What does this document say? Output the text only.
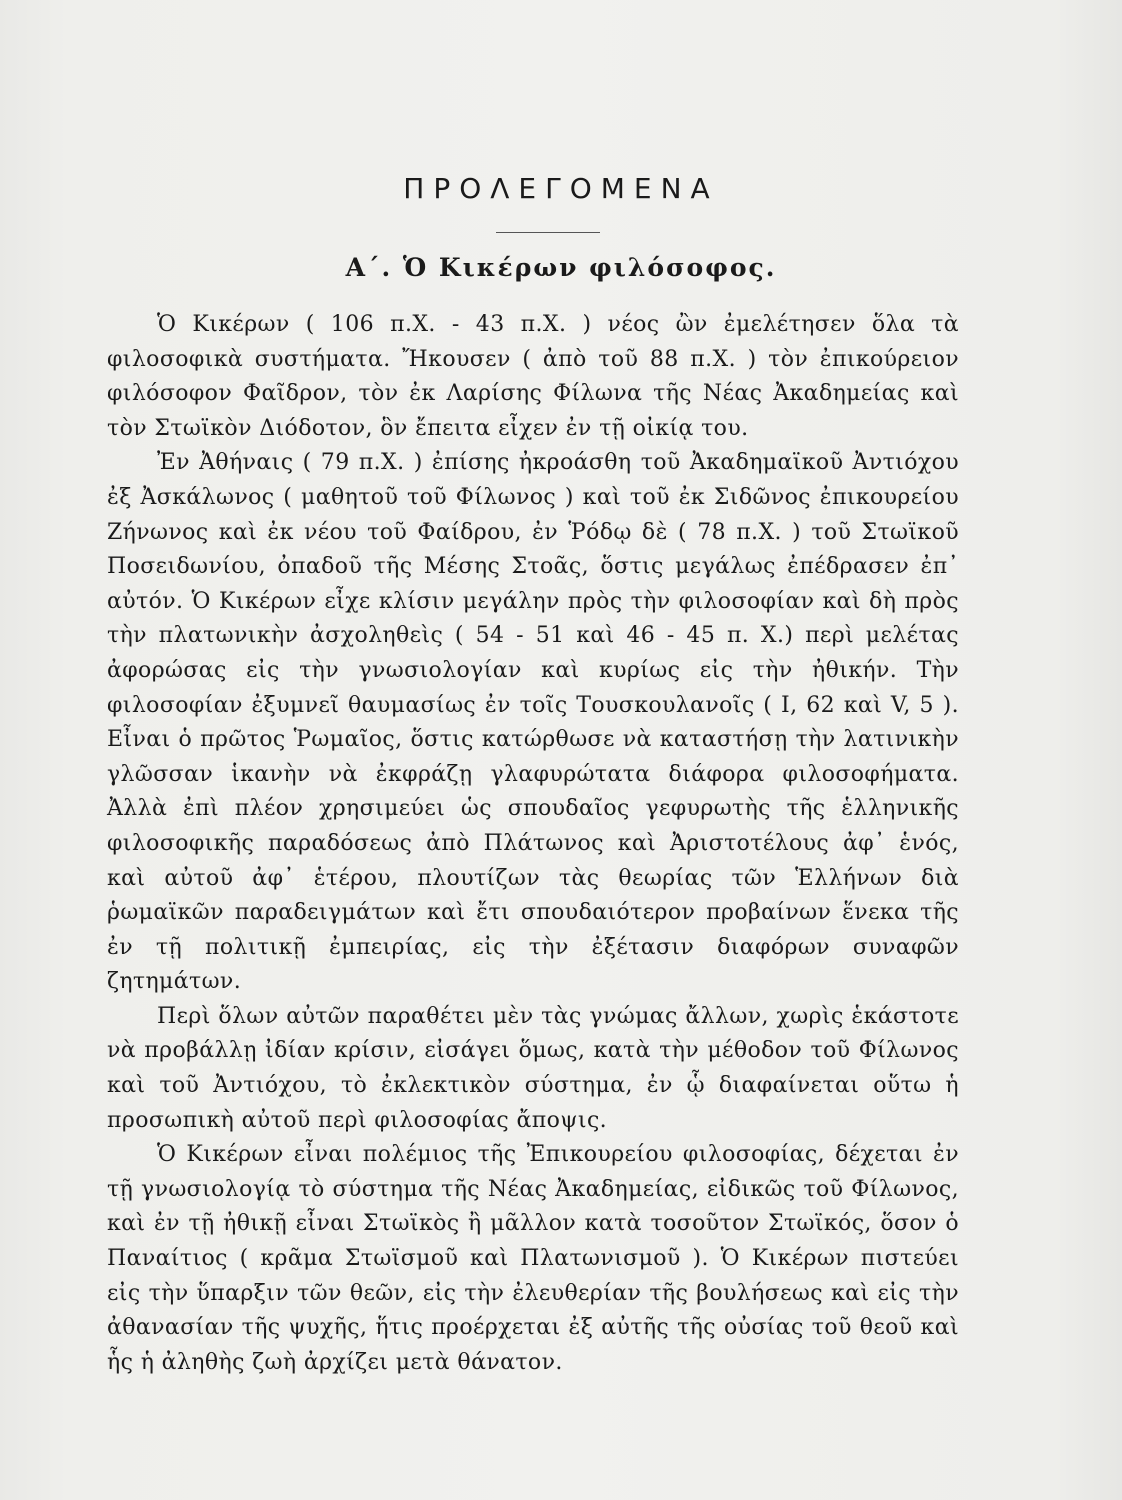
ΠΡΟΛΕΓΟΜΕΝΑ
Α΄. Ὁ Κικέρων φιλόσοφος.

Ὁ Κικέρων ( 106 π.Χ. - 43 π.Χ. ) νέος ὢν ἐμελέτησεν ὅλα τὰ φιλοσοφικὰ συστήματα. Ἤκουσεν ( ἀπὸ τοῦ 88 π.Χ. ) τὸν ἐπικούρειον φιλόσοφον Φαῖδρον, τὸν ἐκ Λαρίσης Φίλωνα τῆς Νέας Ἀκαδημείας καὶ τὸν Στωϊκὸν Διόδοτον, ὃν ἔπειτα εἶχεν ἐν τῇ οἰκίᾳ του.

Ἐν Ἀθήναις ( 79 π.Χ. ) ἐπίσης ἠκροάσθη τοῦ Ἀκαδημαϊκοῦ Ἀντιόχου ἐξ Ἀσκάλωνος ( μαθητοῦ τοῦ Φίλωνος ) καὶ τοῦ ἐκ Σιδῶνος ἐπικουρείου Ζήνωνος καὶ ἐκ νέου τοῦ Φαίδρου, ἐν Ῥόδῳ δὲ ( 78 π.Χ. ) τοῦ Στωϊκοῦ Ποσειδωνίου, ὀπαδοῦ τῆς Μέσης Στοᾶς, ὅστις μεγάλως ἐπέδρασεν ἐπ᾿ αὐτόν. Ὁ Κικέρων εἶχε κλίσιν μεγάλην πρὸς τὴν φιλοσοφίαν καὶ δὴ πρὸς τὴν πλατωνικὴν ἀσχοληθεὶς ( 54 - 51 καὶ 46 - 45 π. Χ.) περὶ μελέτας ἀφορώσας εἰς τὴν γνωσιολογίαν καὶ κυρίως εἰς τὴν ἠθικήν. Τὴν φιλοσοφίαν ἐξυμνεῖ θαυμασίως ἐν τοῖς Τουσκουλανοῖς ( I, 62 καὶ V, 5 ). Εἶναι ὁ πρῶτος Ῥωμαῖος, ὅστις κατώρθωσε νὰ καταστήσῃ τὴν λατινικὴν γλῶσσαν ἱκανὴν νὰ ἐκφράζῃ γλαφυρώτατα διάφορα φιλοσοφήματα. Ἀλλὰ ἐπὶ πλέον χρησιμεύει ὡς σπουδαῖος γεφυρωτὴς τῆς ἑλληνικῆς φιλοσοφικῆς παραδόσεως ἀπὸ Πλάτωνος καὶ Ἀριστοτέλους ἀφ᾿ ἑνός, καὶ αὐτοῦ ἀφ᾿ ἑτέρου, πλουτίζων τὰς θεωρίας τῶν Ἑλλήνων διὰ ῥωμαϊκῶν παραδειγμάτων καὶ ἔτι σπουδαιότερον προβαίνων ἕνεκα τῆς ἐν τῇ πολιτικῇ ἐμπειρίας, εἰς τὴν ἐξέτασιν διαφόρων συναφῶν ζητημάτων.

Περὶ ὅλων αὐτῶν παραθέτει μὲν τὰς γνώμας ἄλλων, χωρὶς ἑκάστοτε νὰ προβάλλῃ ἰδίαν κρίσιν, εἰσάγει ὅμως, κατὰ τὴν μέθοδον τοῦ Φίλωνος καὶ τοῦ Ἀντιόχου, τὸ ἐκλεκτικὸν σύστημα, ἐν ᾧ διαφαίνεται οὕτω ἡ προσωπικὴ αὐτοῦ περὶ φιλοσοφίας ἄποψις.

Ὁ Κικέρων εἶναι πολέμιος τῆς Ἐπικουρείου φιλοσοφίας, δέχεται ἐν τῇ γνωσιολογίᾳ τὸ σύστημα τῆς Νέας Ἀκαδημείας, εἰδικῶς τοῦ Φίλωνος, καὶ ἐν τῇ ἠθικῇ εἶναι Στωϊκὸς ἢ μᾶλλον κατὰ τοσοῦτον Στωϊκός, ὅσον ὁ Παναίτιος ( κρᾶμα Στωϊσμοῦ καὶ Πλατωνισμοῦ ). Ὁ Κικέρων πιστεύει εἰς τὴν ὕπαρξιν τῶν θεῶν, εἰς τὴν ἐλευθερίαν τῆς βουλήσεως καὶ εἰς τὴν ἀθανασίαν τῆς ψυχῆς, ἥτις προέρχεται ἐξ αὐτῆς τῆς οὐσίας τοῦ θεοῦ καὶ ἧς ἡ ἀληθὴς ζωὴ ἀρχίζει μετὰ θάνατον.
